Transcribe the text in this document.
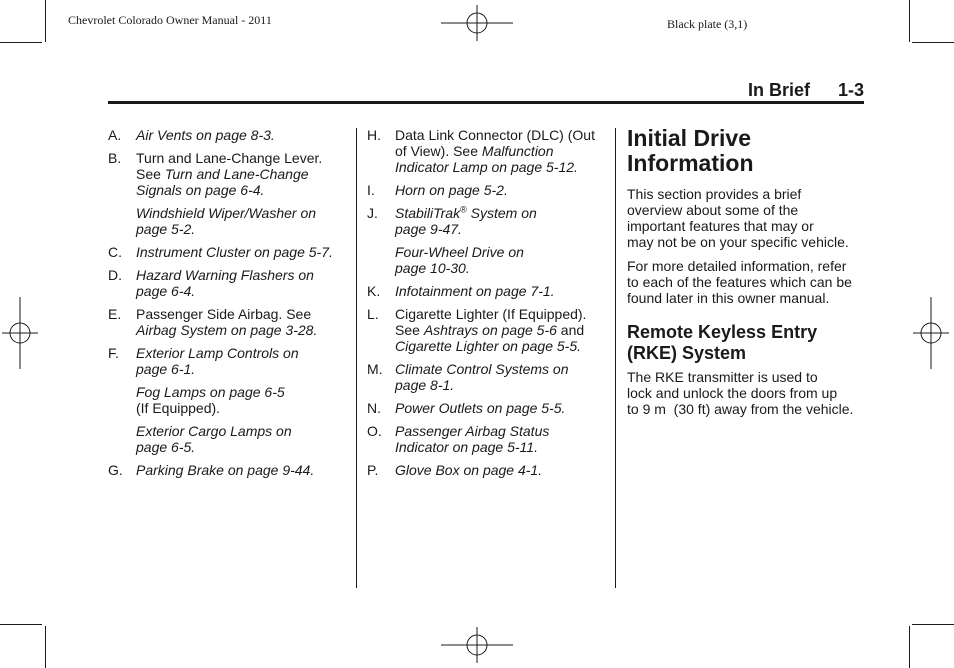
Chevrolet Colorado Owner Manual - 2011	Black plate (3,1)
In Brief 1-3
A. Air Vents on page 8-3.
B. Turn and Lane-Change Lever.
See Turn and Lane-Change
Signals on page 6-4.
Windshield Wiper/Washer on
page 5-2.
C. Instrument Cluster on page 5-7.
D. Hazard Warning Flashers on
page 6-4.
E. Passenger Side Airbag. See
Airbag System on page 3-28.
F. Exterior Lamp Controls on
page 6-1.
Fog Lamps on page 6-5
(If Equipped).
Exterior Cargo Lamps on
page 6-5.
G. Parking Brake on page 9-44.
H. Data Link Connector (DLC) (Out
of View). See Malfunction
Indicator Lamp on page 5-12.
I. Horn on page 5-2.
J. StabiliTrak® System on
page 9-47.
Four-Wheel Drive on
page 10-30.
K. Infotainment on page 7-1.
L. Cigarette Lighter (If Equipped).
See Ashtrays on page 5-6 and
Cigarette Lighter on page 5-5.
M. Climate Control Systems on
page 8-1.
N. Power Outlets on page 5-5.
O. Passenger Airbag Status
Indicator on page 5-11.
P. Glove Box on page 4-1.
Initial Drive
Information
This section provides a brief
overview about some of the
important features that may or
may not be on your specific vehicle.
For more detailed information, refer
to each of the features which can be
found later in this owner manual.
Remote Keyless Entry
(RKE) System
The RKE transmitter is used to
lock and unlock the doors from up
to 9 m  (30 ft) away from the vehicle.
